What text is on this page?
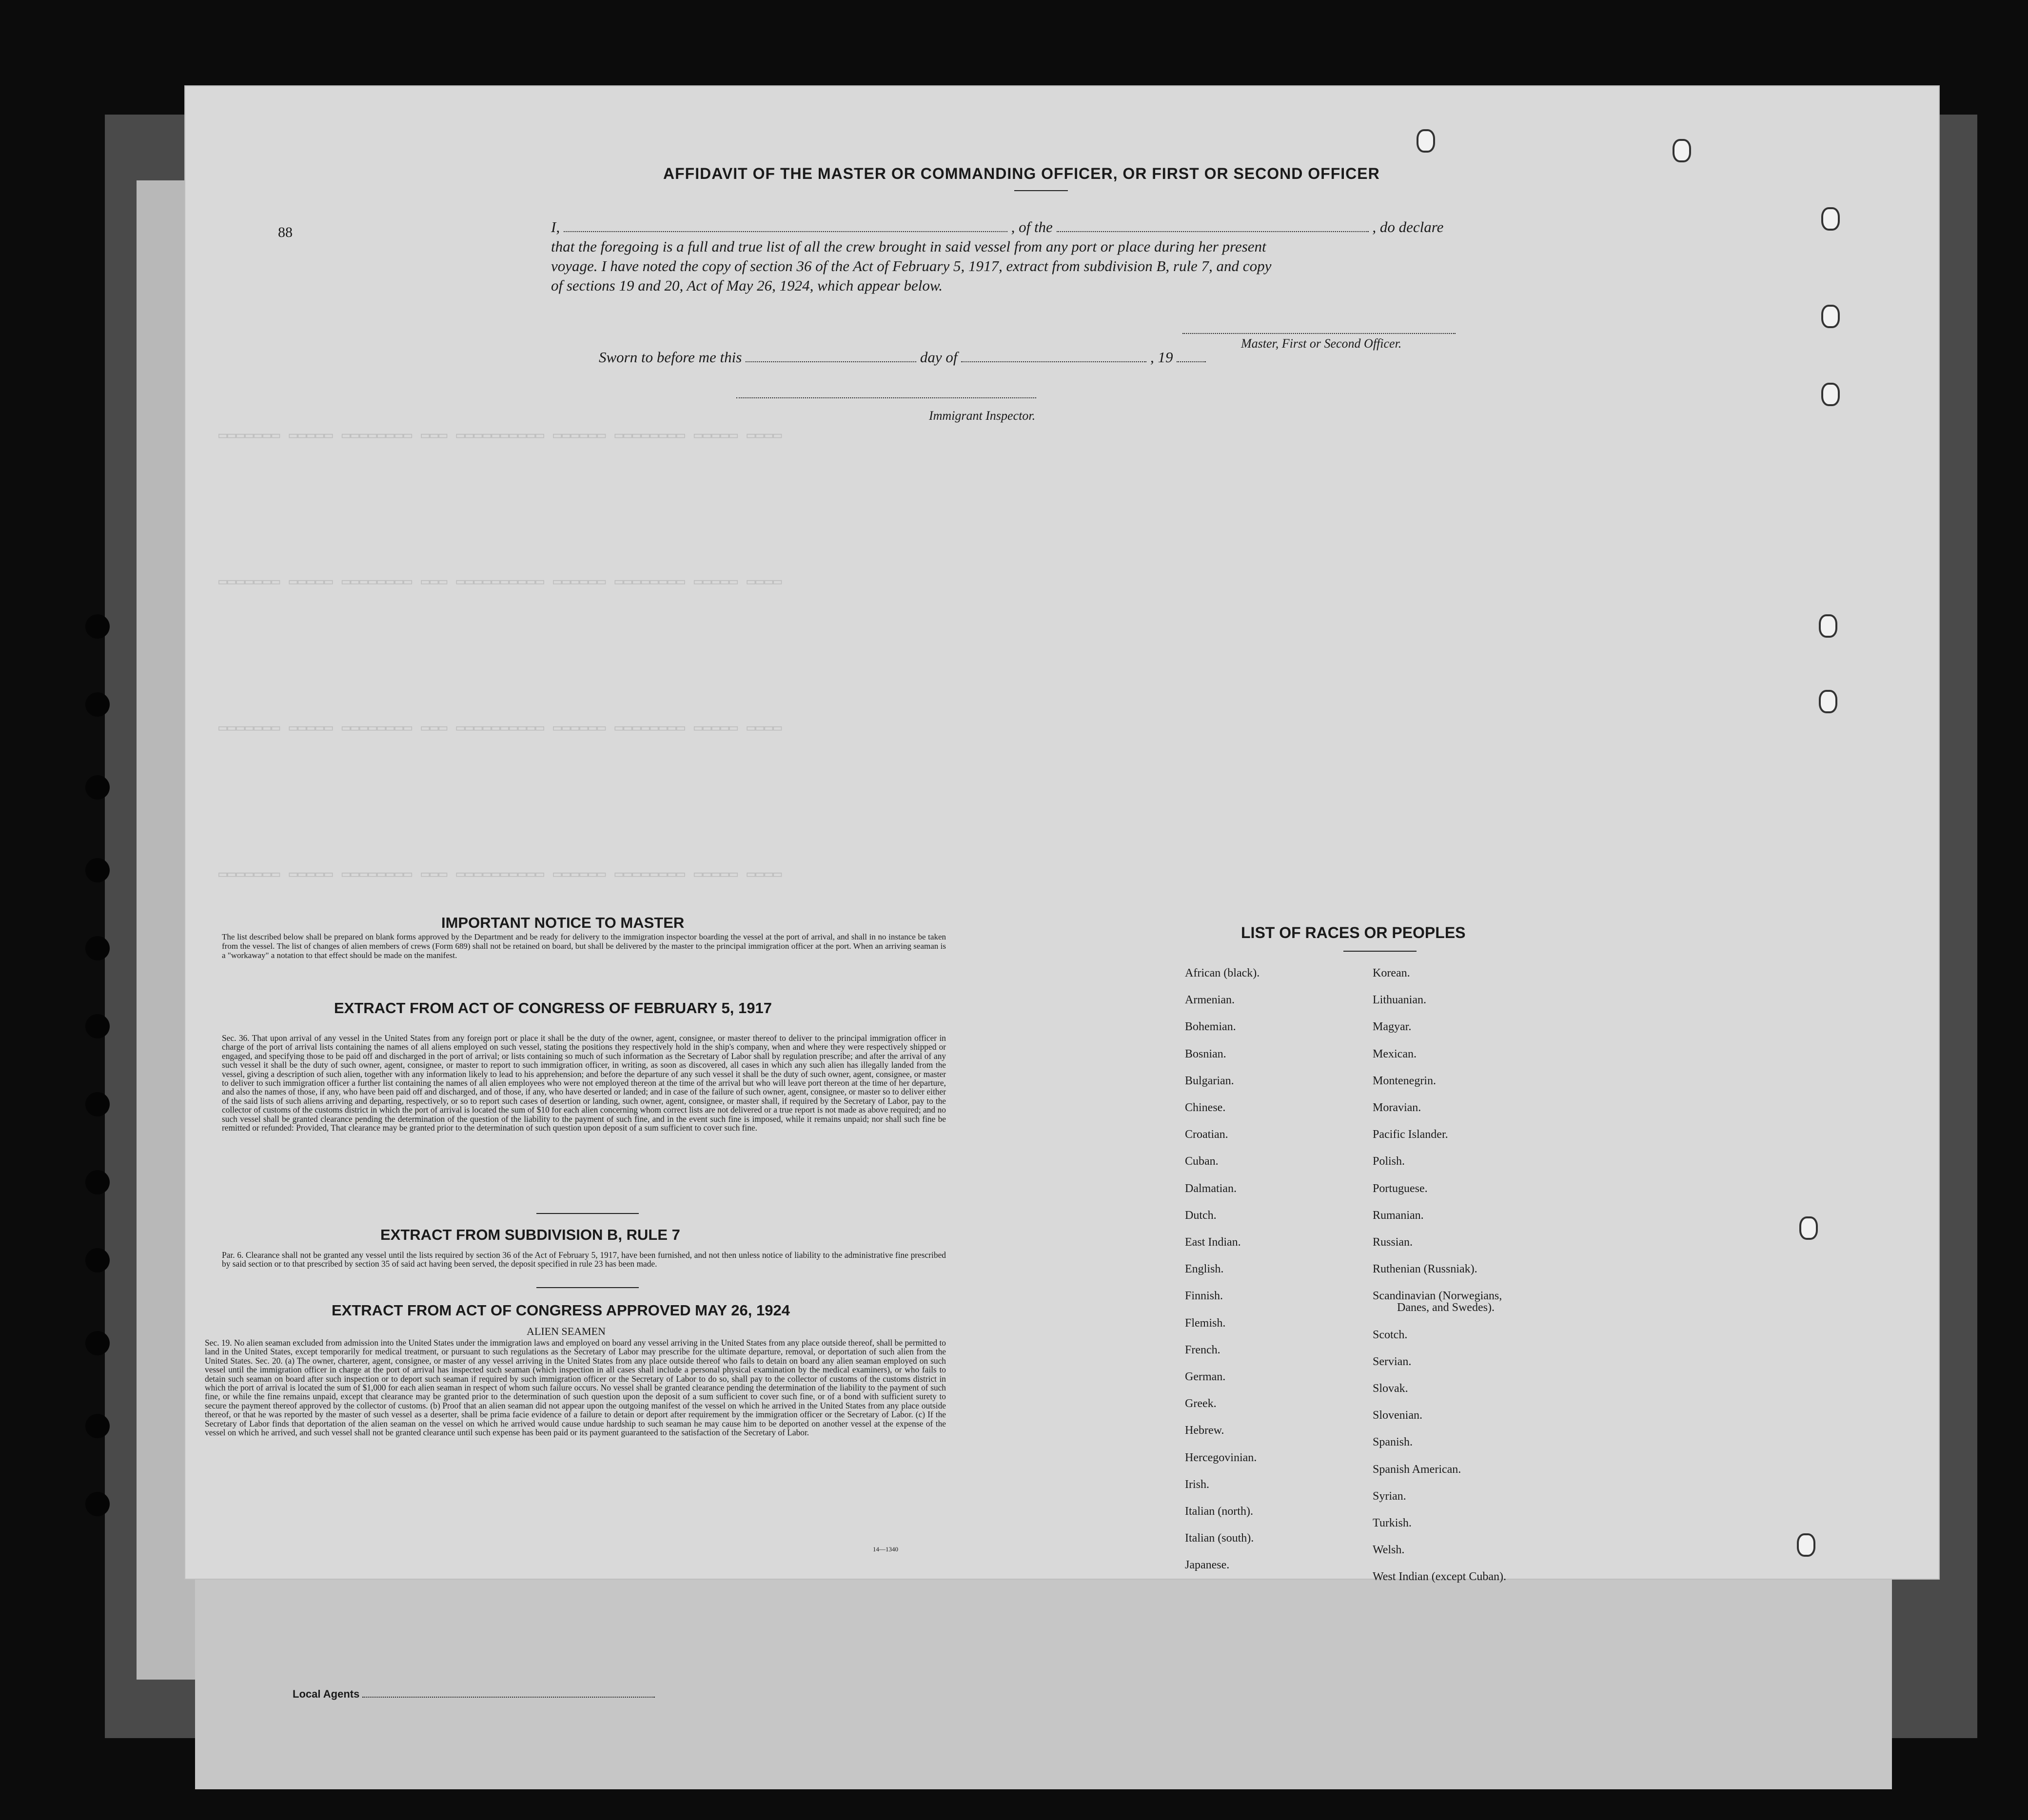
▭▭▭▭▭▭▭ ▭▭▭▭▭ ▭▭▭▭▭▭▭▭ ▭▭▭ ▭▭▭▭▭▭▭▭▭▭ ▭▭▭▭▭▭ ▭▭▭▭▭▭▭▭ ▭▭▭▭▭ ▭▭▭▭
▭▭▭▭▭▭▭ ▭▭▭▭▭ ▭▭▭▭▭▭▭▭ ▭▭▭ ▭▭▭▭▭▭▭▭▭▭ ▭▭▭▭▭▭ ▭▭▭▭▭▭▭▭ ▭▭▭▭▭ ▭▭▭▭
▭▭▭▭▭▭▭ ▭▭▭▭▭ ▭▭▭▭▭▭▭▭ ▭▭▭ ▭▭▭▭▭▭▭▭▭▭ ▭▭▭▭▭▭ ▭▭▭▭▭▭▭▭ ▭▭▭▭▭ ▭▭▭▭
▭▭▭▭▭▭▭ ▭▭▭▭▭ ▭▭▭▭▭▭▭▭ ▭▭▭ ▭▭▭▭▭▭▭▭▭▭ ▭▭▭▭▭▭ ▭▭▭▭▭▭▭▭ ▭▭▭▭▭ ▭▭▭▭
88
AFFIDAVIT OF THE MASTER OR COMMANDING OFFICER, OR FIRST OR SECOND OFFICER
I,	, of the	, do declare
that the foregoing is a full and true list of all the crew brought in said vessel from any port or place during her present
voyage. I have noted the copy of section 36 of the Act of February 5, 1917, extract from subdivision B, rule 7, and copy
of sections 19 and 20, Act of May 26, 1924, which appear below.
Master, First or Second Officer.
Sworn to before me this	day of	, 19
Immigrant Inspector.
IMPORTANT NOTICE TO MASTER
The list described below shall be prepared on blank forms approved by the Department and be ready for delivery to the immigration inspector boarding the vessel at the port of arrival, and shall in no instance be taken from the vessel. The list of changes of alien members of crews (Form 689) shall not be retained on board, but shall be delivered by the master to the principal immigration officer at the port. When an arriving seaman is a "workaway" a notation to that effect should be made on the manifest.
EXTRACT FROM ACT OF CONGRESS OF FEBRUARY 5, 1917
Sec. 36. That upon arrival of any vessel in the United States from any foreign port or place it shall be the duty of the owner, agent, consignee, or master thereof to deliver to the principal immigration officer in charge of the port of arrival lists containing the names of all aliens employed on such vessel, stating the positions they respectively hold in the ship's company, when and where they were respectively shipped or engaged, and specifying those to be paid off and discharged in the port of arrival; or lists containing so much of such information as the Secretary of Labor shall by regulation prescribe; and after the arrival of any such vessel it shall be the duty of such owner, agent, consignee, or master to report to such immigration officer, in writing, as soon as discovered, all cases in which any such alien has illegally landed from the vessel, giving a description of such alien, together with any information likely to lead to his apprehension; and before the departure of any such vessel it shall be the duty of such owner, agent, consignee, or master to deliver to such immigration officer a further list containing the names of all alien employees who were not employed thereon at the time of the arrival but who will leave port thereon at the time of her departure, and also the names of those, if any, who have been paid off and discharged, and of those, if any, who have deserted or landed; and in case of the failure of such owner, agent, consignee, or master so to deliver either of the said lists of such aliens arriving and departing, respectively, or so to report such cases of desertion or landing, such owner, agent, consignee, or master shall, if required by the Secretary of Labor, pay to the collector of customs of the customs district in which the port of arrival is located the sum of $10 for each alien concerning whom correct lists are not delivered or a true report is not made as above required; and no such vessel shall be granted clearance pending the determination of the question of the liability to the payment of such fine, and in the event such fine is imposed, while it remains unpaid; nor shall such fine be remitted or refunded: Provided, That clearance may be granted prior to the determination of such question upon deposit of a sum sufficient to cover such fine.
EXTRACT FROM SUBDIVISION B, RULE 7
Par. 6. Clearance shall not be granted any vessel until the lists required by section 36 of the Act of February 5, 1917, have been furnished, and not then unless notice of liability to the administrative fine prescribed by said section or to that prescribed by section 35 of said act having been served, the deposit specified in rule 23 has been made.
EXTRACT FROM ACT OF CONGRESS APPROVED MAY 26, 1924
ALIEN SEAMEN
Sec. 19. No alien seaman excluded from admission into the United States under the immigration laws and employed on board any vessel arriving in the United States from any place outside thereof, shall be permitted to land in the United States, except temporarily for medical treatment, or pursuant to such regulations as the Secretary of Labor may prescribe for the ultimate departure, removal, or deportation of such alien from the United States. Sec. 20. (a) The owner, charterer, agent, consignee, or master of any vessel arriving in the United States from any place outside thereof who fails to detain on board any alien seaman employed on such vessel until the immigration officer in charge at the port of arrival has inspected such seaman (which inspection in all cases shall include a personal physical examination by the medical examiners), or who fails to detain such seaman on board after such inspection or to deport such seaman if required by such immigration officer or the Secretary of Labor to do so, shall pay to the collector of customs of the customs district in which the port of arrival is located the sum of $1,000 for each alien seaman in respect of whom such failure occurs. No vessel shall be granted clearance pending the determination of the liability to the payment of such fine, or while the fine remains unpaid, except that clearance may be granted prior to the determination of such question upon the deposit of a sum sufficient to cover such fine, or of a bond with sufficient surety to secure the payment thereof approved by the collector of customs. (b) Proof that an alien seaman did not appear upon the outgoing manifest of the vessel on which he arrived in the United States from any place outside thereof, or that he was reported by the master of such vessel as a deserter, shall be prima facie evidence of a failure to detain or deport after requirement by the immigration officer or the Secretary of Labor. (c) If the Secretary of Labor finds that deportation of the alien seaman on the vessel on which he arrived would cause undue hardship to such seaman he may cause him to be deported on another vessel at the expense of the vessel on which he arrived, and such vessel shall not be granted clearance until such expense has been paid or its payment guaranteed to the satisfaction of the Secretary of Labor.
14—1340
LIST OF RACES OR PEOPLES
African (black).
Armenian.
Bohemian.
Bosnian.
Bulgarian.
Chinese.
Croatian.
Cuban.
Dalmatian.
Dutch.
East Indian.
English.
Finnish.
Flemish.
French.
German.
Greek.
Hebrew.
Hercegovinian.
Irish.
Italian (north).
Italian (south).
Japanese.
Korean.
Lithuanian.
Magyar.
Mexican.
Montenegrin.
Moravian.
Pacific Islander.
Polish.
Portuguese.
Rumanian.
Russian.
Ruthenian (Russniak).
Scandinavian (Norwegians,
Danes, and Swedes).
Scotch.
Servian.
Slovak.
Slovenian.
Spanish.
Spanish American.
Syrian.
Turkish.
Welsh.
West Indian (except Cuban).
Local Agents
